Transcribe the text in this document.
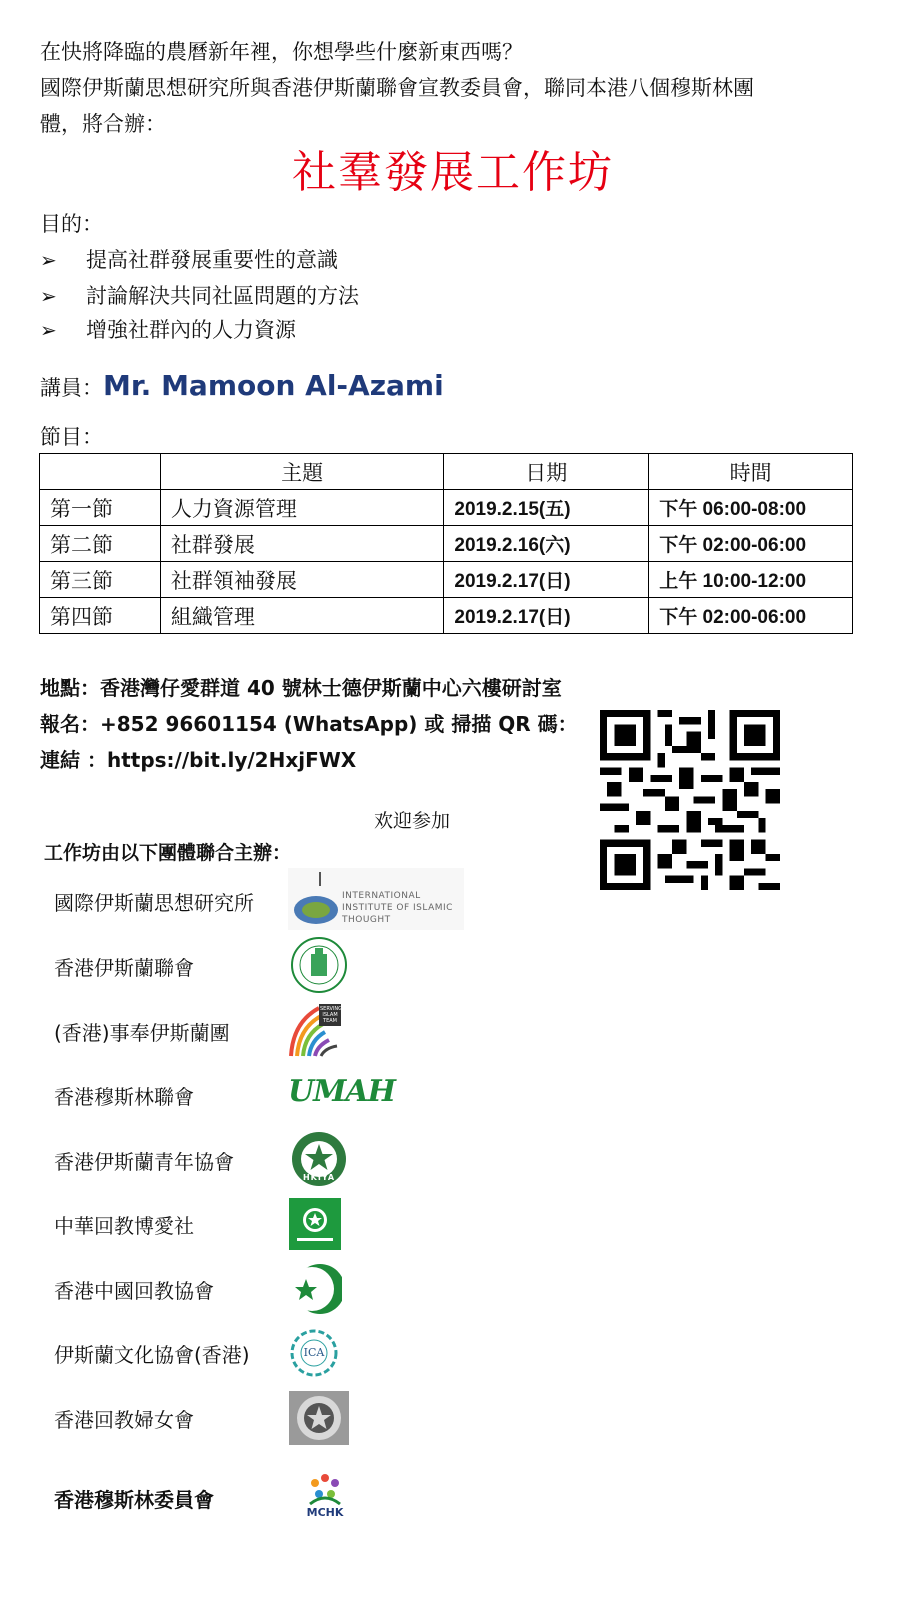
在快將降臨的農曆新年裡，你想學些什麼新東西嗎？
國際伊斯蘭思想研究所與香港伊斯蘭聯會宣教委員會，聯同本港八個穆斯林團
體，將合辦：
社羣發展工作坊
目的：
➢ 提高社群發展重要性的意識
➢ 討論解決共同社區問題的方法
➢ 增強社群內的人力資源
講員：Mr. Mamoon Al-Azami
節目：
	主題	日期	時間
第一節	人力資源管理	2019.2.15(五)	下午 06:00-08:00
第二節	社群發展	2019.2.16(六)	下午 02:00-06:00
第三節	社群領袖發展	2019.2.17(日)	上午 10:00-12:00
第四節	組織管理	2019.2.17(日)	下午 02:00-06:00
地點：香港灣仔愛群道 40 號林士德伊斯蘭中心六樓研討室
報名：+852 96601154 (WhatsApp) 或 掃描 QR 碼：
連結 ：https://bit.ly/2HxjFWX
欢迎参加
工作坊由以下團體聯合主辦：
國際伊斯蘭思想研究所
香港伊斯蘭聯會
(香港)事奉伊斯蘭團
香港穆斯林聯會
香港伊斯蘭青年協會
中華回教博愛社
香港中國回教協會
伊斯蘭文化協會(香港)
香港回教婦女會
香港穆斯林委員會
INTERNATIONAL INSTITUTE OF ISLAMIC THOUGHT
SERVING ISLAM TEAM
UMAH
HKIYA
ICA
MCHK
